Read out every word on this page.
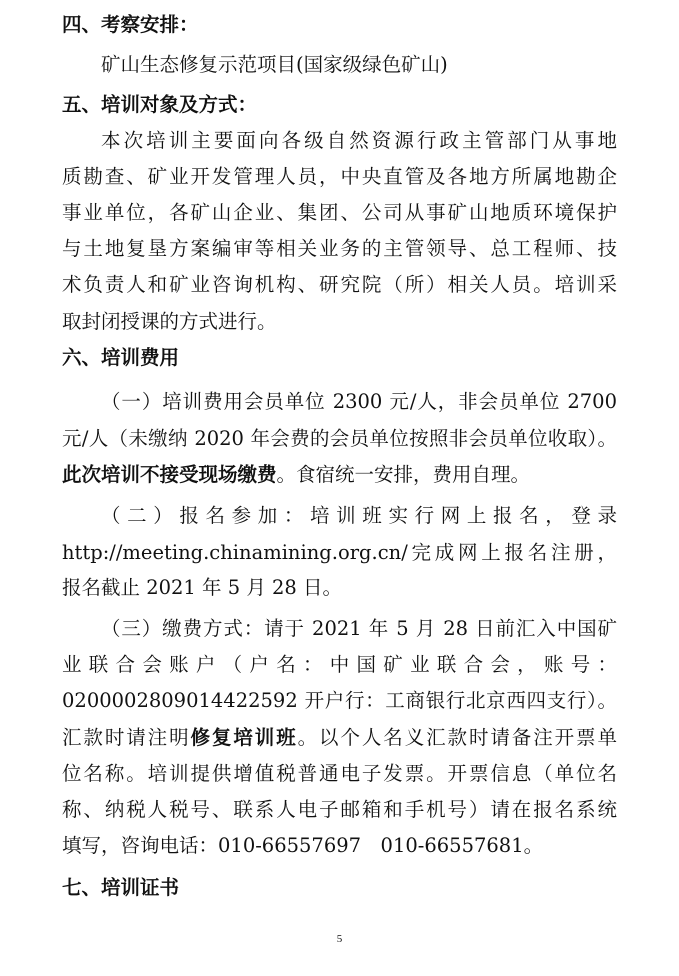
四、考察安排：
矿山生态修复示范项目(国家级绿色矿山)
五、培训对象及方式：
本次培训主要面向各级自然资源行政主管部门从事地
质勘查、矿业开发管理人员，中央直管及各地方所属地勘企
事业单位，各矿山企业、集团、公司从事矿山地质环境保护
与土地复垦方案编审等相关业务的主管领导、总工程师、技
术负责人和矿业咨询机构、研究院（所）相关人员。培训采
取封闭授课的方式进行。
六、培训费用
（一）培训费用会员单位 2300 元/人，非会员单位 2700
元/人（未缴纳 2020 年会费的会员单位按照非会员单位收取）。
此次培训不接受现场缴费。食宿统一安排，费用自理。
（二）报名参加：培训班实行网上报名，登录
http://meeting.chinamining.org.cn/完成网上报名注册，
报名截止 2021 年 5 月 28 日。
（三）缴费方式：请于 2021 年 5 月 28 日前汇入中国矿
业联合会账户（户名：中国矿业联合会，账号：
0200002809014422592 开户行：工商银行北京西四支行）。
汇款时请注明修复培训班。以个人名义汇款时请备注开票单
位名称。培训提供增值税普通电子发票。开票信息（单位名
称、纳税人税号、联系人电子邮箱和手机号）请在报名系统
填写，咨询电话：010-66557697　010-66557681。
七、培训证书
5
